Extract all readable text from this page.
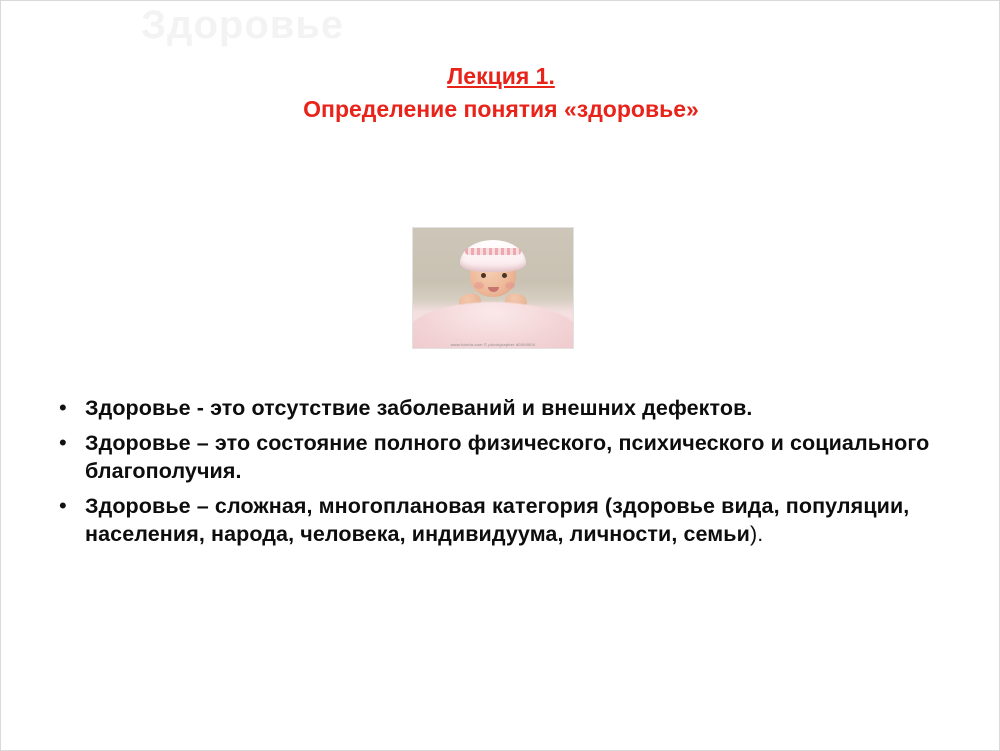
Здоровье
Лекция 1.
Определение понятия «здоровье»
www.fotolia.com © photographer #0000000
• Здоровье - это отсутствие заболеваний и внешних дефектов.
• Здоровье – это состояние полного физического, психического и социального благополучия.
• Здоровье – сложная, многоплановая категория (здоровье вида, популяции, населения, народа, человека, индивидуума, личности, семьи).
